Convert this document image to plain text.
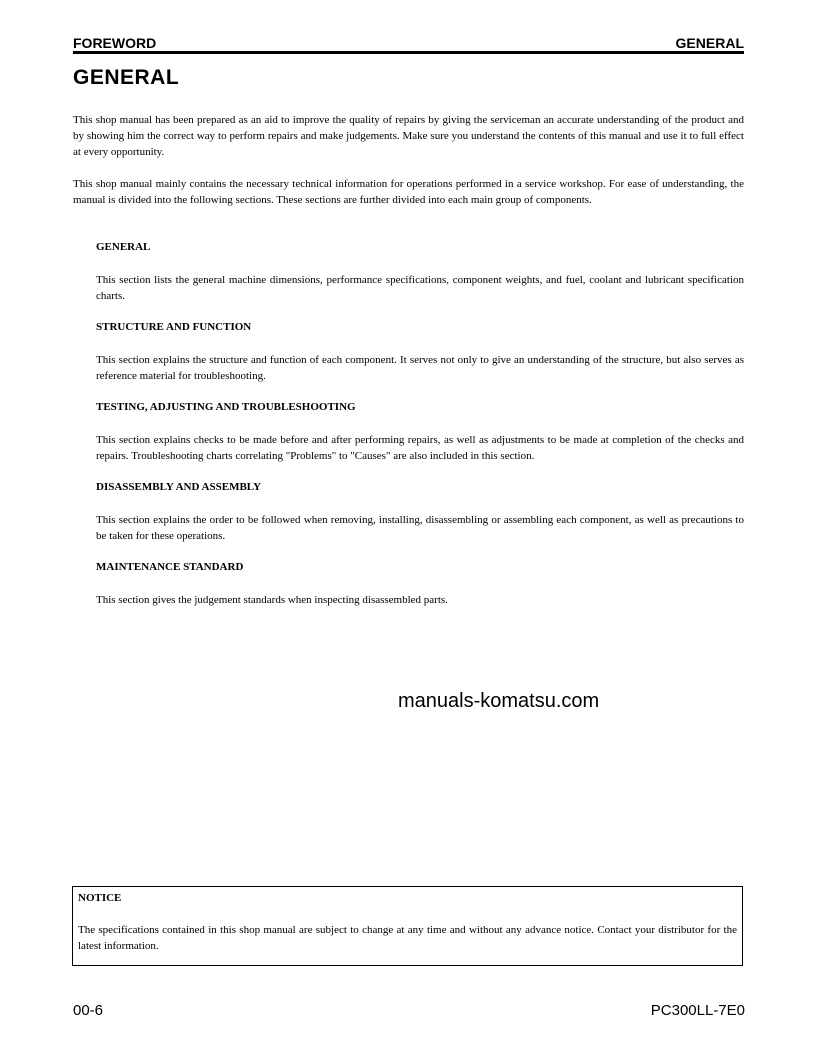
FOREWORD	GENERAL
GENERAL
This shop manual has been prepared as an aid to improve the quality of repairs by giving the serviceman an accurate understanding of the product and by showing him the correct way to perform repairs and make judgements. Make sure you understand the contents of this manual and use it to full effect at every opportunity.
This shop manual mainly contains the necessary technical information for operations performed in a service workshop. For ease of understanding, the manual is divided into the following sections. These sections are further divided into each main group of components.
GENERAL
This section lists the general machine dimensions, performance specifications, component weights, and fuel, coolant and lubricant specification charts.
STRUCTURE AND FUNCTION
This section explains the structure and function of each component. It serves not only to give an understanding of the structure, but also serves as reference material for troubleshooting.
TESTING, ADJUSTING AND TROUBLESHOOTING
This section explains checks to be made before and after performing repairs, as well as adjustments to be made at completion of the checks and repairs. Troubleshooting charts correlating "Problems" to "Causes" are also included in this section.
DISASSEMBLY AND ASSEMBLY
This section explains the order to be followed when removing, installing, disassembling or assembling each component, as well as precautions to be taken for these operations.
MAINTENANCE STANDARD
This section gives the judgement standards when inspecting disassembled parts.
manuals-komatsu.com
NOTICE
The specifications contained in this shop manual are subject to change at any time and without any advance notice. Contact your distributor for the latest information.
00-6	PC300LL-7E0
